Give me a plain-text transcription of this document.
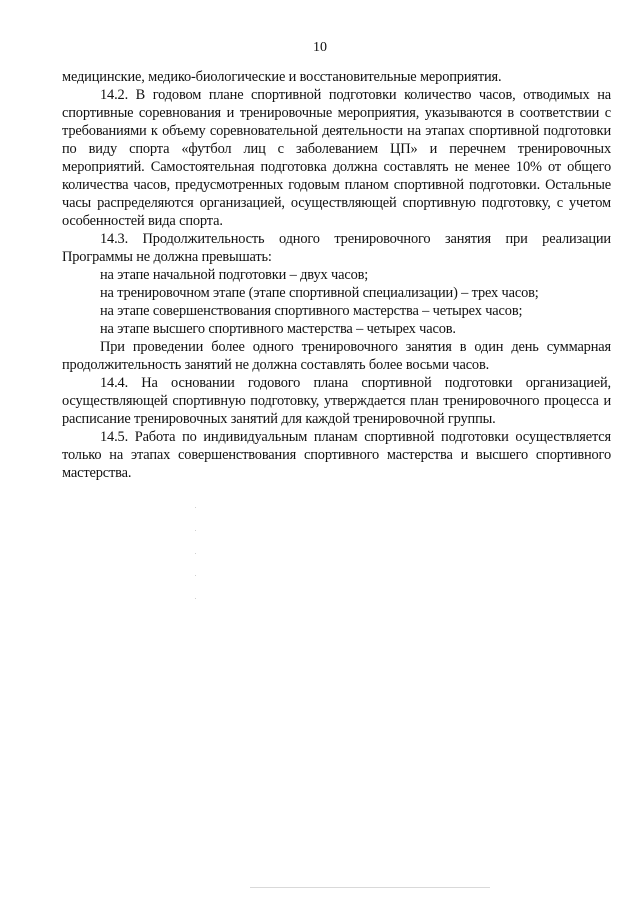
10

медицинские, медико-биологические и восстановительные мероприятия.

14.2. В годовом плане спортивной подготовки количество часов, отводимых на спортивные соревнования и тренировочные мероприятия, указываются в соответствии с требованиями к объему соревновательной деятельности на этапах спортивной подготовки по виду спорта «футбол лиц с заболеванием ЦП» и перечнем тренировочных мероприятий. Самостоятельная подготовка должна составлять не менее 10% от общего количества часов, предусмотренных годовым планом спортивной подготовки. Остальные часы распределяются организацией, осуществляющей спортивную подготовку, с учетом особенностей вида спорта.

14.3. Продолжительность одного тренировочного занятия при реализации Программы не должна превышать:

на этапе начальной подготовки – двух часов;

на тренировочном этапе (этапе спортивной специализации) – трех часов;

на этапе совершенствования спортивного мастерства – четырех часов;

на этапе высшего спортивного мастерства – четырех часов.

При проведении более одного тренировочного занятия в один день суммарная продолжительность занятий не должна составлять более восьми часов.

14.4. На основании годового плана спортивной подготовки организацией, осуществляющей спортивную подготовку, утверждается план тренировочного процесса и расписание тренировочных занятий для каждой тренировочной группы.

14.5. Работа по индивидуальным планам спортивной подготовки осуществляется только на этапах совершенствования спортивного мастерства и высшего спортивного мастерства.
